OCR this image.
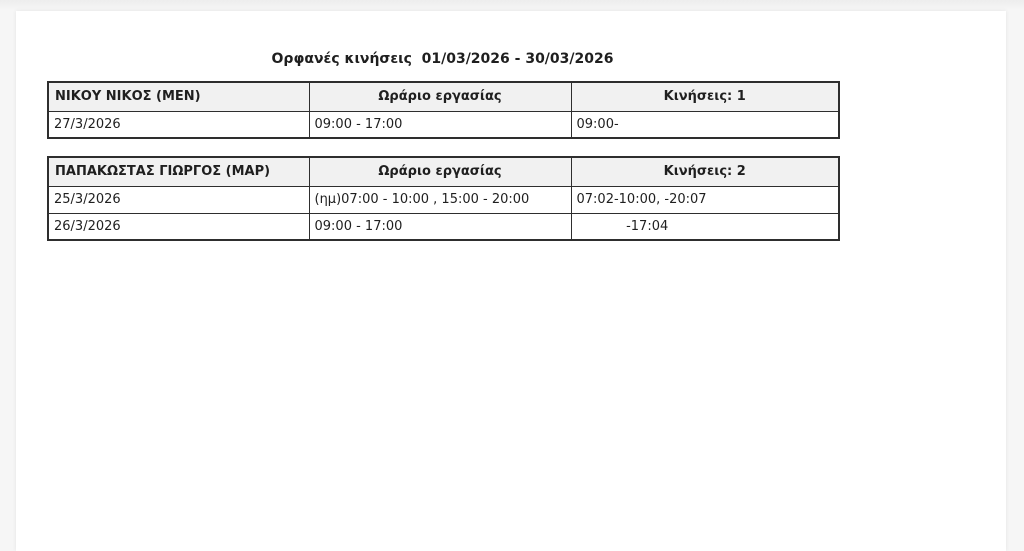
Ορφανές κινήσεις  01/03/2026 - 30/03/2026
ΝΙΚΟΥ ΝΙΚΟΣ (ΜΕΝ)	Ωράριο εργασίας	Κινήσεις: 1
27/3/2026	09:00 - 17:00	09:00-
ΠΑΠΑΚΩΣΤΑΣ ΓΙΩΡΓΟΣ (ΜΑΡ)	Ωράριο εργασίας	Κινήσεις: 2
25/3/2026	(ημ)07:00 - 10:00 , 15:00 - 20:00	07:02-10:00, -20:07
26/3/2026	09:00 - 17:00	-17:04
